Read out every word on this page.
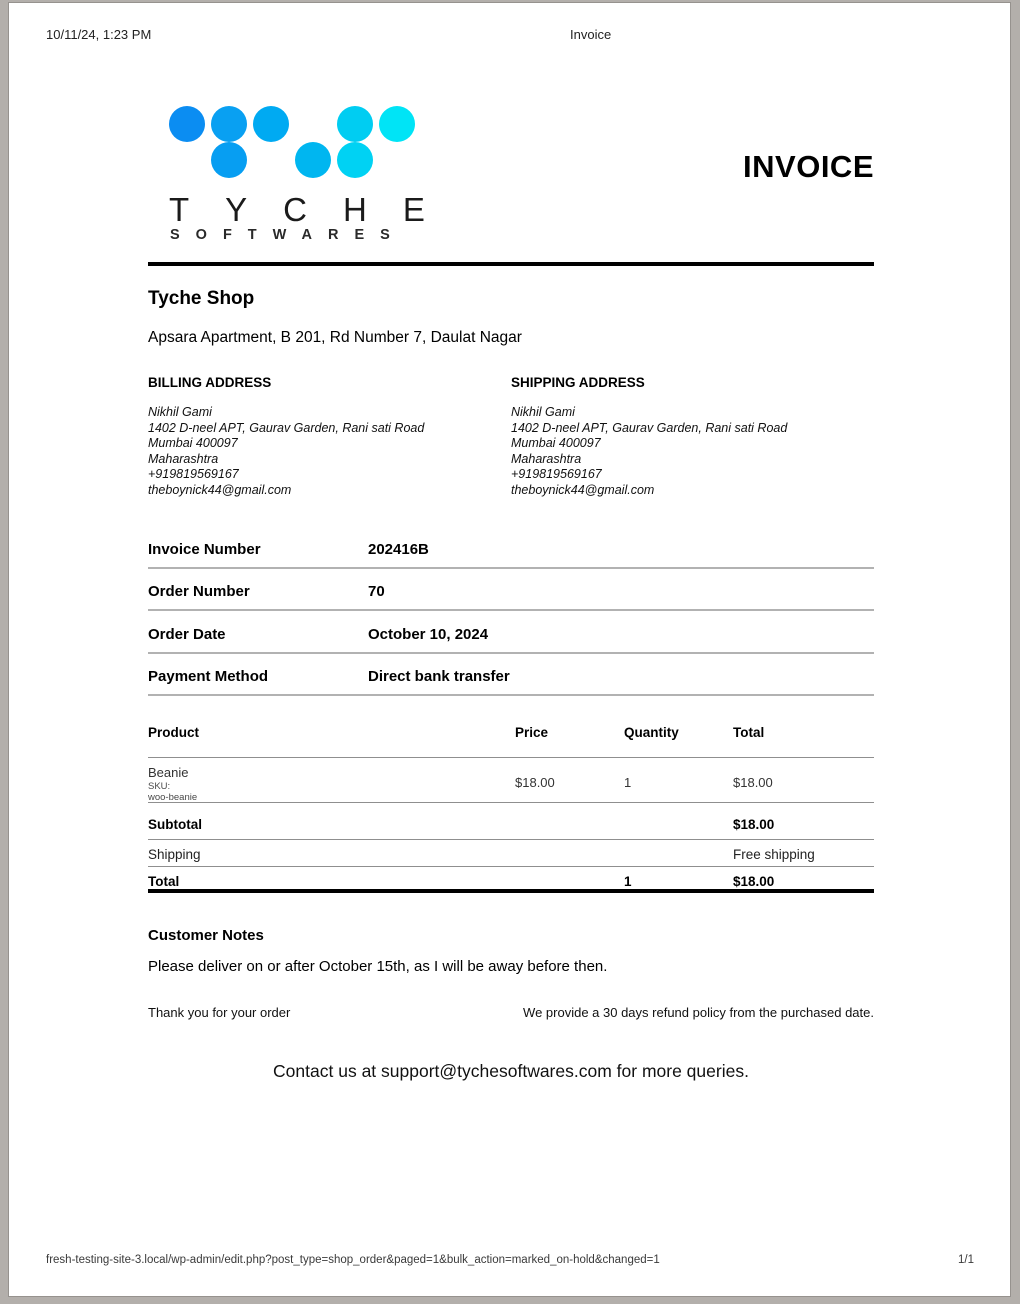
10/11/24, 1:23 PM	Invoice
TYCHE
SOFTWARES
INVOICE
Tyche Shop
Apsara Apartment, B 201, Rd Number 7, Daulat Nagar
BILLING ADDRESS	SHIPPING ADDRESS
Nikhil Gami
1402 D-neel APT, Gaurav Garden, Rani sati Road
Mumbai 400097
Maharashtra
+919819569167
theboynick44@gmail.com
Nikhil Gami
1402 D-neel APT, Gaurav Garden, Rani sati Road
Mumbai 400097
Maharashtra
+919819569167
theboynick44@gmail.com
Invoice Number	202416B
Order Number	70
Order Date	October 10, 2024
Payment Method	Direct bank transfer
Product	Price	Quantity	Total
Beanie
SKU:
woo-beanie
$18.00	1	$18.00
Subtotal	$18.00
Shipping	Free shipping
Total	1	$18.00
Customer Notes
Please deliver on or after October 15th, as I will be away before then.
Thank you for your order	We provide a 30 days refund policy from the purchased date.
Contact us at support@tychesoftwares.com for more queries.
fresh-testing-site-3.local/wp-admin/edit.php?post_type=shop_order&paged=1&bulk_action=marked_on-hold&changed=1	1/1
